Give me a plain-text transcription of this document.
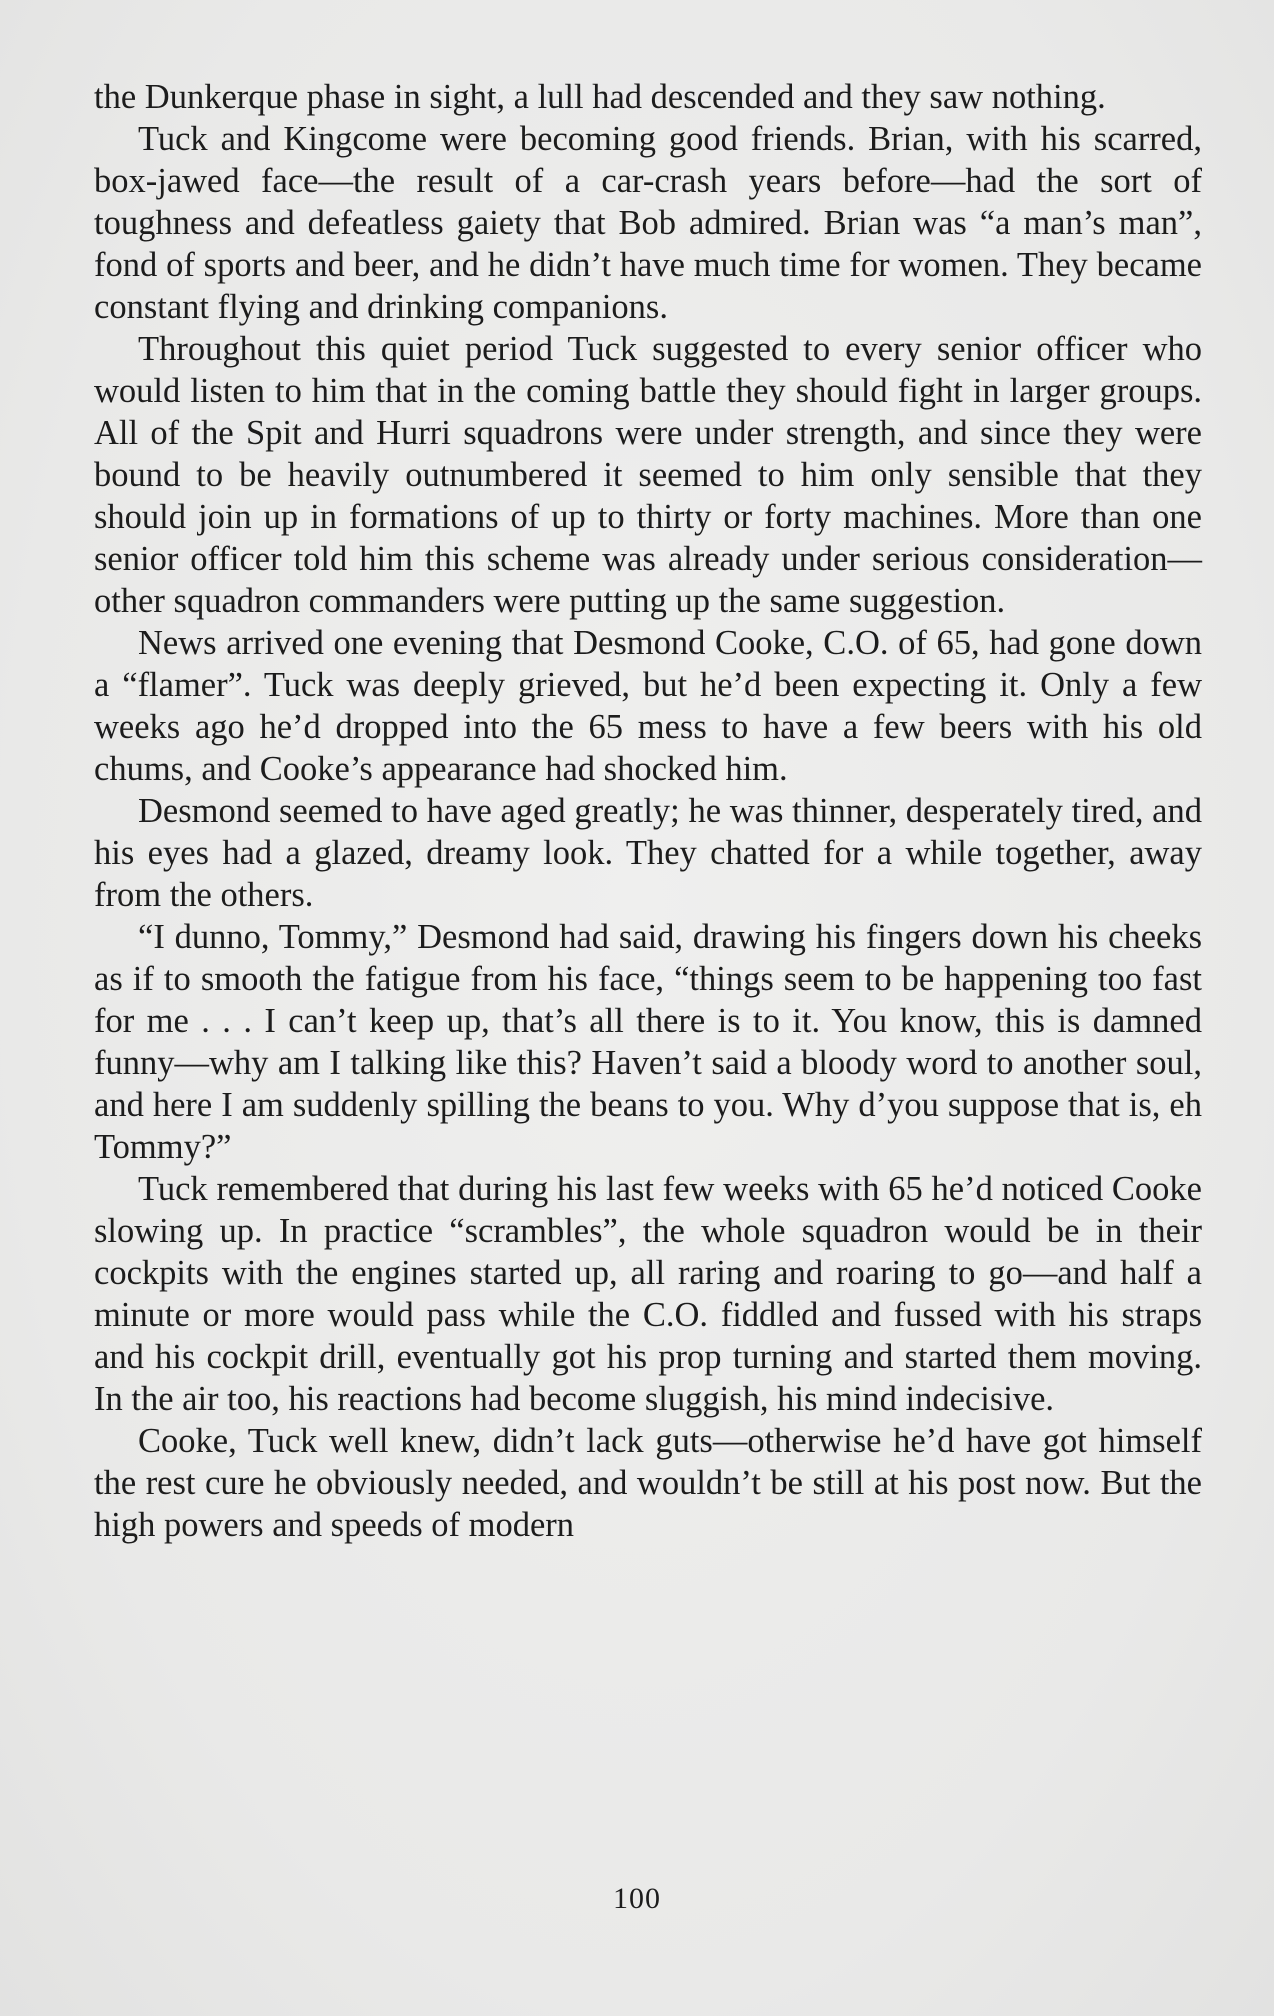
the Dunkerque phase in sight, a lull had descended and they saw nothing.

Tuck and Kingcome were becoming good friends. Brian, with his scarred, box-jawed face—the result of a car-crash years before—had the sort of toughness and defeatless gaiety that Bob admired. Brian was “a man’s man”, fond of sports and beer, and he didn’t have much time for women. They became constant flying and drinking companions.

Throughout this quiet period Tuck suggested to every senior officer who would listen to him that in the coming battle they should fight in larger groups. All of the Spit and Hurri squadrons were under strength, and since they were bound to be heavily outnumbered it seemed to him only sensible that they should join up in formations of up to thirty or forty machines. More than one senior officer told him this scheme was already under serious consideration—other squadron commanders were putting up the same suggestion.

News arrived one evening that Desmond Cooke, C.O. of 65, had gone down a “flamer”. Tuck was deeply grieved, but he’d been expecting it. Only a few weeks ago he’d dropped into the 65 mess to have a few beers with his old chums, and Cooke’s appearance had shocked him.

Desmond seemed to have aged greatly; he was thinner, desperately tired, and his eyes had a glazed, dreamy look. They chatted for a while together, away from the others.

“I dunno, Tommy,” Desmond had said, drawing his fingers down his cheeks as if to smooth the fatigue from his face, “things seem to be happening too fast for me . . . I can’t keep up, that’s all there is to it. You know, this is damned funny—why am I talking like this? Haven’t said a bloody word to another soul, and here I am suddenly spilling the beans to you. Why d’you suppose that is, eh Tommy?”

Tuck remembered that during his last few weeks with 65 he’d noticed Cooke slowing up. In practice “scrambles”, the whole squadron would be in their cockpits with the engines started up, all raring and roaring to go—and half a minute or more would pass while the C.O. fiddled and fussed with his straps and his cockpit drill, eventually got his prop turning and started them moving. In the air too, his reactions had become sluggish, his mind indecisive.

Cooke, Tuck well knew, didn’t lack guts—otherwise he’d have got himself the rest cure he obviously needed, and wouldn’t be still at his post now. But the high powers and speeds of modern

100
